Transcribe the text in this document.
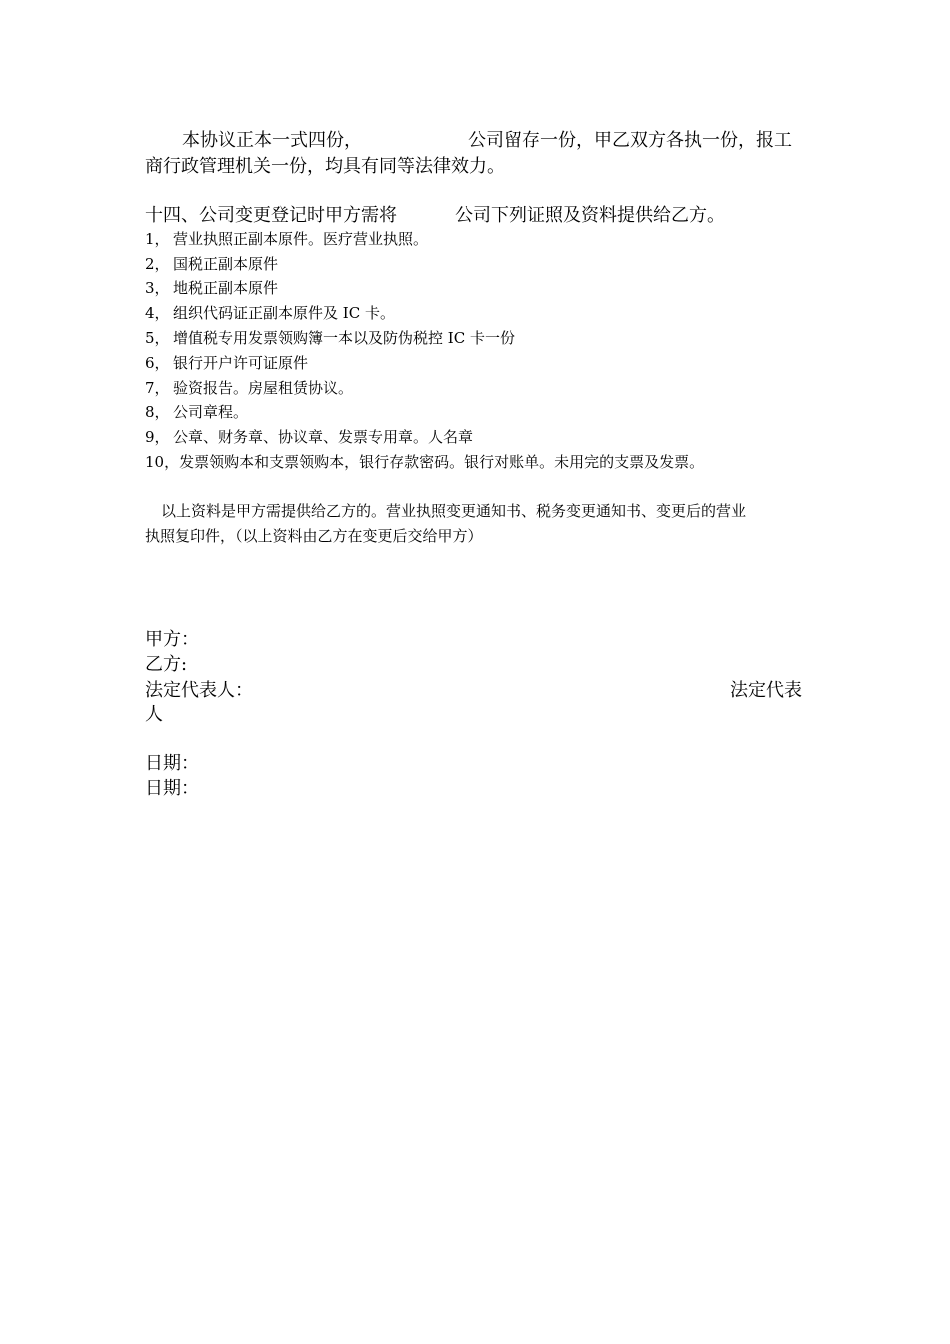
本协议正本一式四份，	公司留存一份，甲乙双方各执一份，报工
商行政管理机关一份，均具有同等法律效力。
十四、公司变更登记时甲方需将	公司下列证照及资料提供给乙方。
1， 营业执照正副本原件。医疗营业执照。
2， 国税正副本原件
3， 地税正副本原件
4， 组织代码证正副本原件及 IC 卡。
5， 增值税专用发票领购簿一本以及防伪税控 IC 卡一份
6， 银行开户许可证原件
7， 验资报告。房屋租赁协议。
8， 公司章程。
9， 公章、财务章、协议章、发票专用章。人名章
10，发票领购本和支票领购本，银行存款密码。银行对账单。未用完的支票及发票。
以上资料是甲方需提供给乙方的。营业执照变更通知书、税务变更通知书、变更后的营业
执照复印件，（以上资料由乙方在变更后交给甲方）
甲方：
乙方:
法定代表人：	法定代表
人
日期：
日期：
